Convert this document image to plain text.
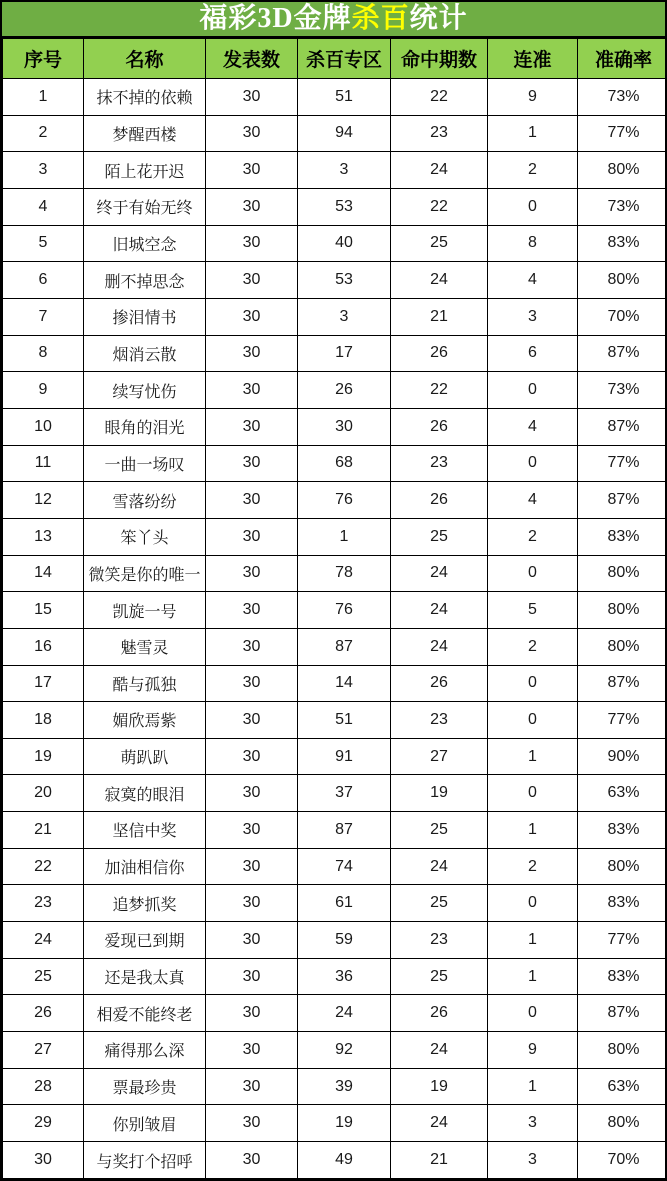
福彩3D金牌杀百统计
序号	名称	发表数	杀百专区	命中期数	连准	准确率
1	抹不掉的依赖	30	51	22	9	73%
2	梦醒西楼	30	94	23	1	77%
3	陌上花开迟	30	3	24	2	80%
4	终于有始无终	30	53	22	0	73%
5	旧城空念	30	40	25	8	83%
6	删不掉思念	30	53	24	4	80%
7	掺泪情书	30	3	21	3	70%
8	烟消云散	30	17	26	6	87%
9	续写忧伤	30	26	22	0	73%
10	眼角的泪光	30	30	26	4	87%
11	一曲一场叹	30	68	23	0	77%
12	雪落纷纷	30	76	26	4	87%
13	笨丫头	30	1	25	2	83%
14	微笑是你的唯一	30	78	24	0	80%
15	凯旋一号	30	76	24	5	80%
16	魅雪灵	30	87	24	2	80%
17	酷与孤独	30	14	26	0	87%
18	媚欣焉紫	30	51	23	0	77%
19	萌趴趴	30	91	27	1	90%
20	寂寞的眼泪	30	37	19	0	63%
21	坚信中奖	30	87	25	1	83%
22	加油相信你	30	74	24	2	80%
23	追梦抓奖	30	61	25	0	83%
24	爱现已到期	30	59	23	1	77%
25	还是我太真	30	36	25	1	83%
26	相爱不能终老	30	24	26	0	87%
27	痛得那么深	30	92	24	9	80%
28	票最珍贵	30	39	19	1	63%
29	你别皱眉	30	19	24	3	80%
30	与奖打个招呼	30	49	21	3	70%
